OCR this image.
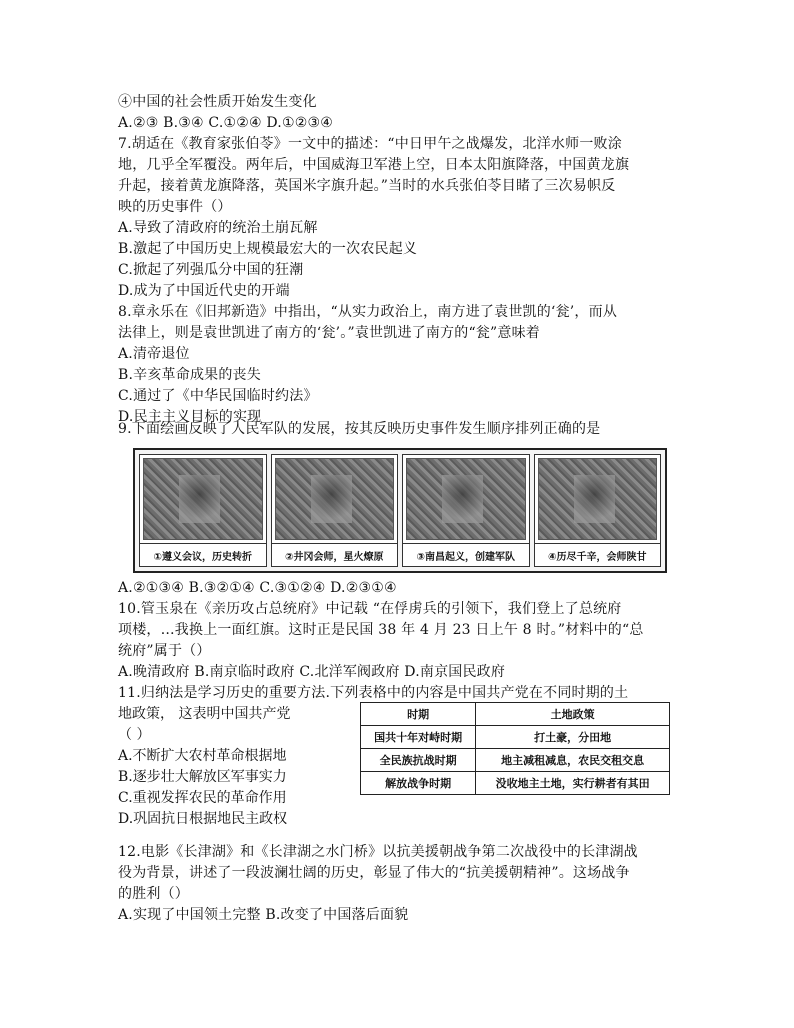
④中国的社会性质开始发生变化
A.②③ B.③④ C.①②④ D.①②③④
7.胡适在《教育家张伯苓》一文中的描述：“中日甲午之战爆发，北洋水师一败涂
地，几乎全军覆没。两年后，中国威海卫军港上空，日本太阳旗降落，中国黄龙旗
升起，接着黄龙旗降落，英国米字旗升起。”当时的水兵张伯苓目睹了三次易帜反
映的历史事件（）
A.导致了清政府的统治土崩瓦解
B.激起了中国历史上规模最宏大的一次农民起义
C.掀起了列强瓜分中国的狂潮
D.成为了中国近代史的开端
8.章永乐在《旧邦新造》中指出，“从实力政治上，南方进了袁世凯的‘瓮’，而从
法律上，则是袁世凯进了南方的‘瓮’。”袁世凯进了南方的“瓮”意味着
A.清帝退位
B.辛亥革命成果的丧失
C.通过了《中华民国临时约法》
D.民主主义目标的实现
9.下面绘画反映了人民军队的发展，按其反映历史事件发生顺序排列正确的是
①遵义会议，历史转折	②井冈会师，星火燎原	③南昌起义，创建军队	④历尽千辛，会师陕甘
A.②①③④ B.③②①④ C.③①②④ D.②③①④
10.管玉泉在《亲历攻占总统府》中记载 “在俘虏兵的引领下，我们登上了总统府
项楼，…我换上一面红旗。这时正是民国 38 年 4 月 23 日上午 8 时。”材料中的“总
统府”属于（）
A.晚清政府 B.南京临时政府 C.北洋军阀政府 D.南京国民政府
11.归纳法是学习历史的重要方法.下列表格中的内容是中国共产党在不同时期的土
地政策， 这表明中国共产党
（ ）
A.不断扩大农村革命根据地
B.逐步壮大解放区军事实力
C.重视发挥农民的革命作用
D.巩固抗日根据地民主政权
时期	土地政策
国共十年对峙时期	打土豪，分田地
全民族抗战时期	地主减租减息，农民交租交息
解放战争时期	没收地主土地，实行耕者有其田
12.电影《长津湖》和《长津湖之水门桥》以抗美援朝战争第二次战役中的长津湖战
役为背景，讲述了一段波澜壮阔的历史，彰显了伟大的“抗美援朝精神”。这场战争
的胜利（）
A.实现了中国领土完整 B.改变了中国落后面貌
